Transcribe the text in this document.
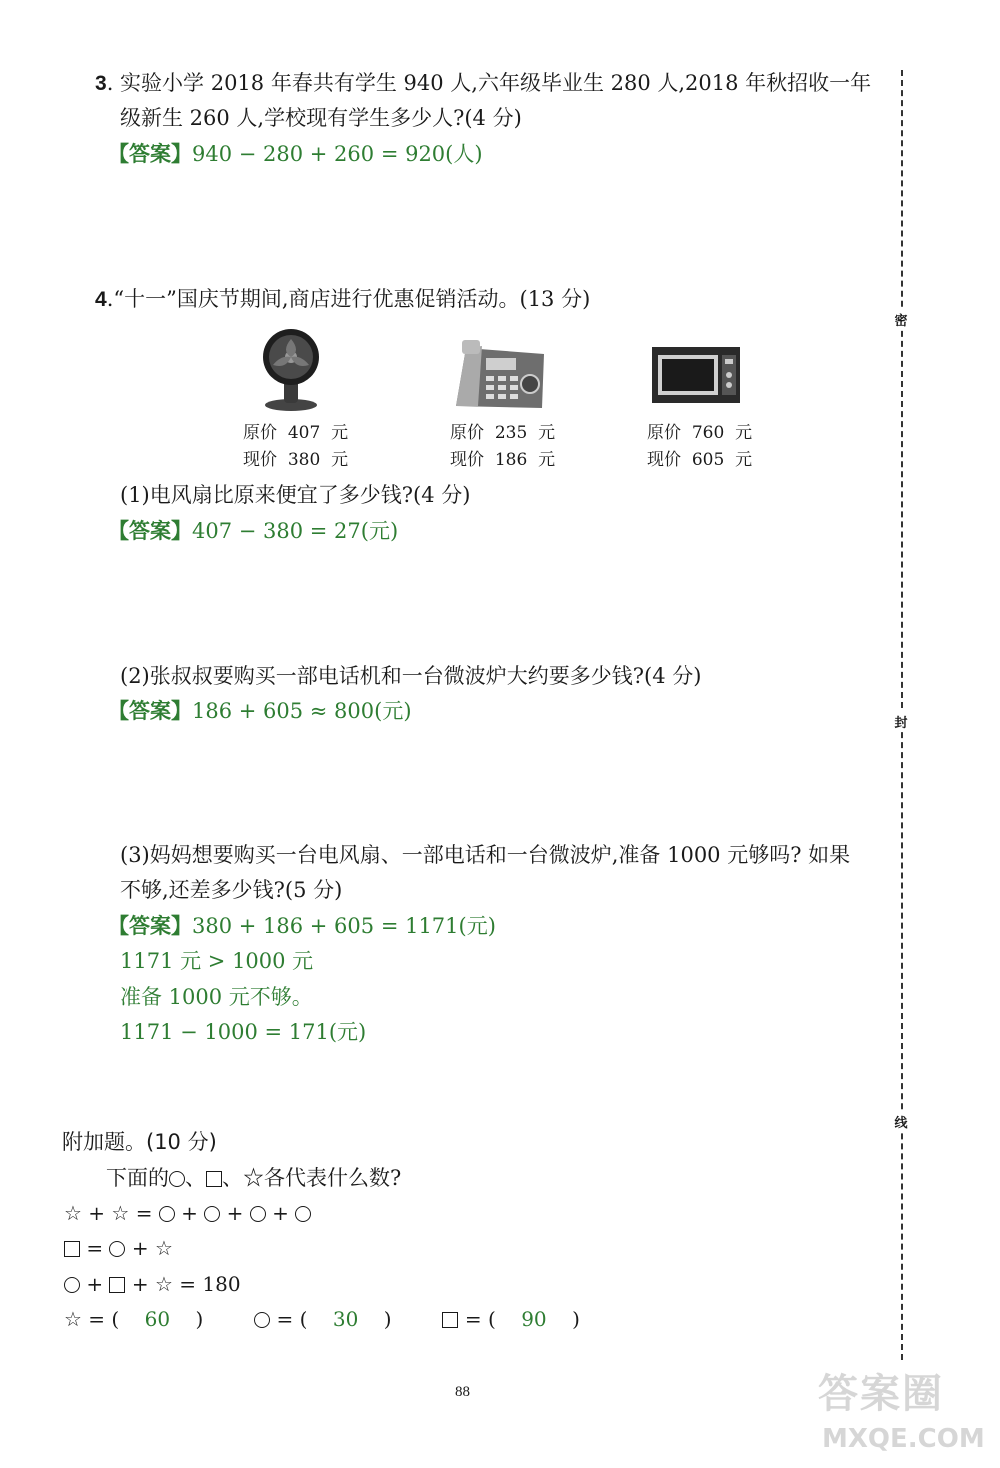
3. 实验小学 2018 年春共有学生 940 人,六年级毕业生 280 人,2018 年秋招收一年
级新生 260 人,学校现有学生多少人?(4 分)
【答案】940 − 280 + 260 = 920(人)
4.“十一”国庆节期间,商店进行优惠促销活动。(13 分)
原价 407 元
现价 380 元
原价 235 元
现价 186 元
原价 760 元
现价 605 元
(1)电风扇比原来便宜了多少钱?(4 分)
【答案】407 − 380 = 27(元)
(2)张叔叔要购买一部电话机和一台微波炉大约要多少钱?(4 分)
【答案】186 + 605 ≈ 800(元)
(3)妈妈想要购买一台电风扇、一部电话和一台微波炉,准备 1000 元够吗? 如果
不够,还差多少钱?(5 分)
【答案】380 + 186 + 605 = 1171(元)
1171 元 > 1000 元
准备 1000 元不够。
1171 − 1000 = 171(元)
附加题。(10 分)
下面的 、 、☆各代表什么数?
☆ + ☆ =  +  +  +
=  + ☆
+  + ☆ = 180
☆ = (    60    )         = (    30    )         = (    90    )
密
封
线
88	答案圈
MXQE.COM
